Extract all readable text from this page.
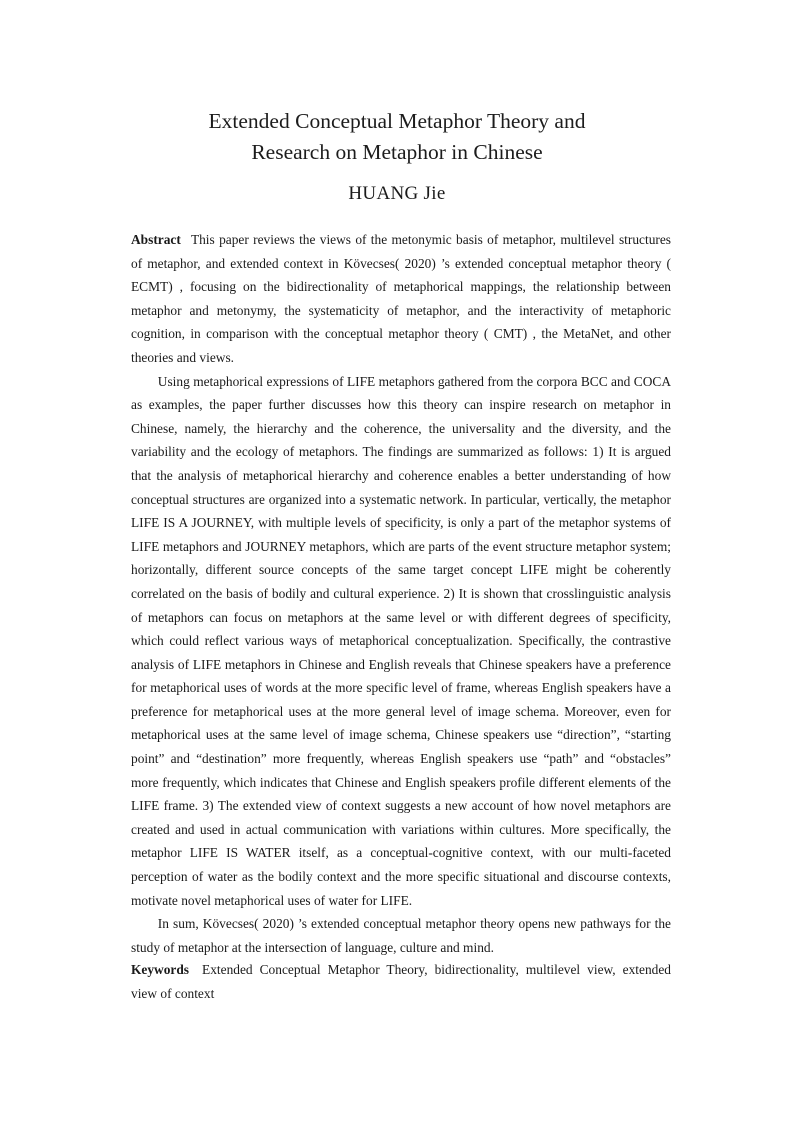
Extended Conceptual Metaphor Theory and
Research on Metaphor in Chinese
HUANG Jie

Abstract This paper reviews the views of the metonymic basis of metaphor, multilevel structures of metaphor, and extended context in Kövecses( 2020) ’s extended conceptual metaphor theory ( ECMT) , focusing on the bidirectionality of metaphorical mappings, the relationship between metaphor and metonymy, the systematicity of metaphor, and the interactivity of metaphoric cognition, in comparison with the conceptual metaphor theory ( CMT) , the MetaNet, and other theories and views.

Using metaphorical expressions of LIFE metaphors gathered from the corpora BCC and COCA as examples, the paper further discusses how this theory can inspire research on metaphor in Chinese, namely, the hierarchy and the coherence, the universality and the diversity, and the variability and the ecology of metaphors. The findings are summarized as follows: 1) It is argued that the analysis of metaphorical hierarchy and coherence enables a better understanding of how conceptual structures are organized into a systematic network. In particular, vertically, the metaphor LIFE IS A JOURNEY, with multiple levels of specificity, is only a part of the metaphor systems of LIFE metaphors and JOURNEY metaphors, which are parts of the event structure metaphor system; horizontally, different source concepts of the same target concept LIFE might be coherently correlated on the basis of bodily and cultural experience. 2) It is shown that crosslinguistic analysis of metaphors can focus on metaphors at the same level or with different degrees of specificity, which could reflect various ways of metaphorical conceptualization. Specifically, the contrastive analysis of LIFE metaphors in Chinese and English reveals that Chinese speakers have a preference for metaphorical uses of words at the more specific level of frame, whereas English speakers have a preference for metaphorical uses at the more general level of image schema. Moreover, even for metaphorical uses at the same level of image schema, Chinese speakers use “direction”, “starting point” and “destination” more frequently, whereas English speakers use “path” and “obstacles” more frequently, which indicates that Chinese and English speakers profile different elements of the LIFE frame. 3) The extended view of context suggests a new account of how novel metaphors are created and used in actual communication with variations within cultures. More specifically, the metaphor LIFE IS WATER itself, as a conceptual-cognitive context, with our multi-faceted perception of water as the bodily context and the more specific situational and discourse contexts, motivate novel metaphorical uses of water for LIFE.

In sum, Kövecses( 2020) ’s extended conceptual metaphor theory opens new pathways for the study of metaphor at the intersection of language, culture and mind.

Keywords Extended Conceptual Metaphor Theory, bidirectionality, multilevel view, extended view of context
